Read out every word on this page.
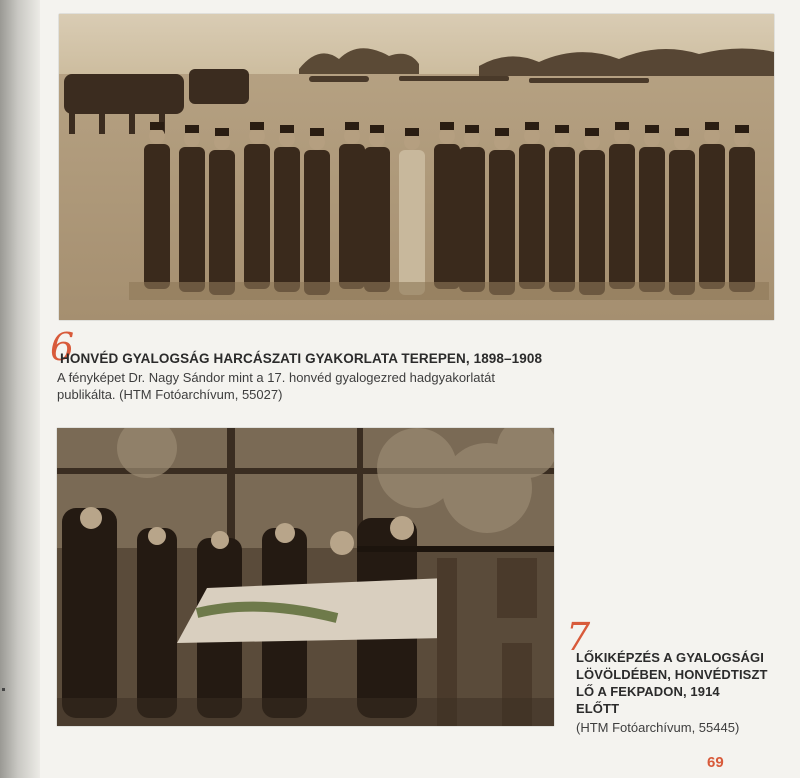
6

HONVÉD GYALOGSÁG HARCÁSZATI GYAKORLATA TEREPEN, 1898–1908

A fényképet Dr. Nagy Sándor mint a 17. honvéd gyalogezred hadgyakorlatát
publikálta. (HTM Fotóarchívum, 55027)

7

LŐKIKÉPZÉS A GYALOGSÁGI
LÖVÖLDÉBEN, HONVÉDTISZT
LŐ A FEKPADON, 1914
ELŐTT

(HTM Fotóarchívum, 55445)

69
